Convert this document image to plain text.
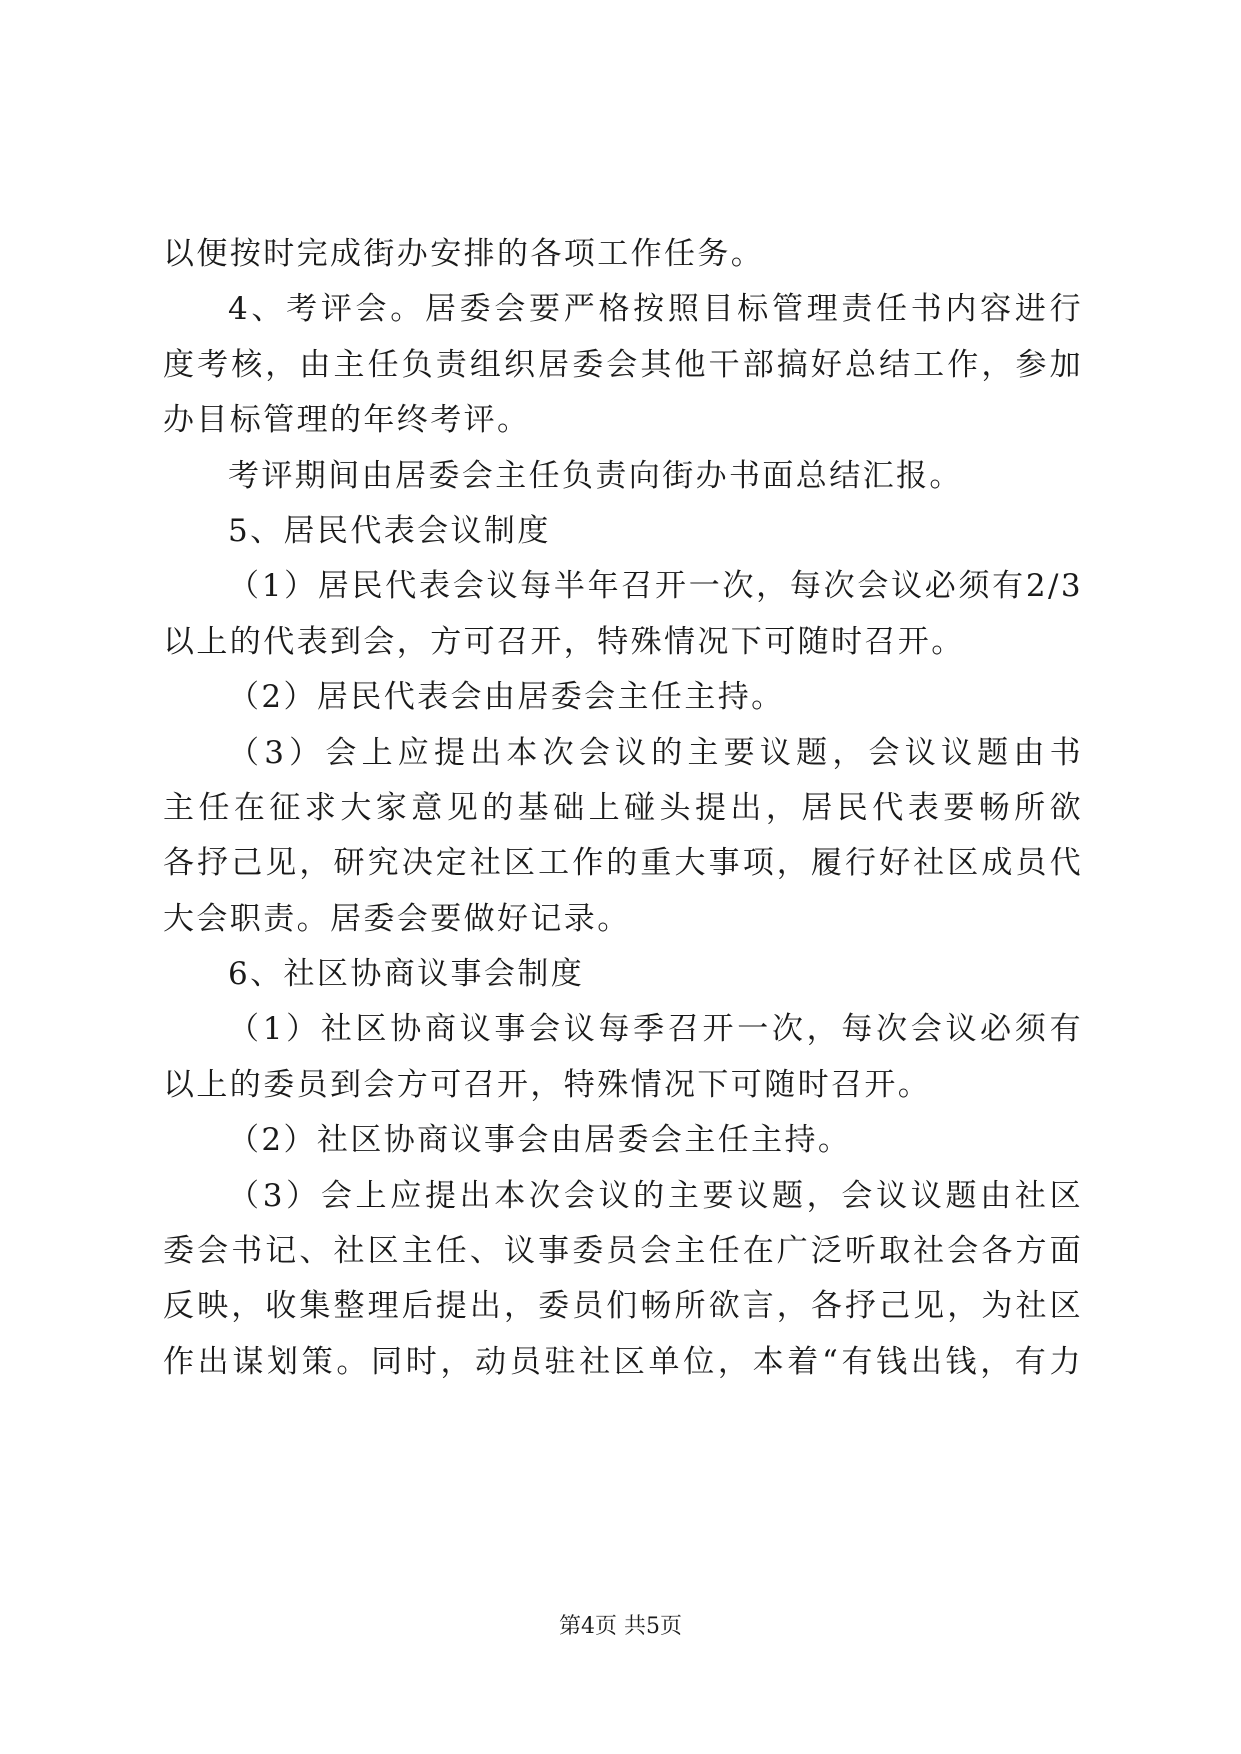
以便按时完成街办安排的各项工作任务。
4、考评会。居委会要严格按照目标管理责任书内容进行
度考核，由主任负责组织居委会其他干部搞好总结工作，参加
办目标管理的年终考评。
考评期间由居委会主任负责向街办书面总结汇报。
5、居民代表会议制度
（1）居民代表会议每半年召开一次，每次会议必须有2/3
以上的代表到会，方可召开，特殊情况下可随时召开。
（2）居民代表会由居委会主任主持。
（3）会上应提出本次会议的主要议题，会议议题由书
主任在征求大家意见的基础上碰头提出，居民代表要畅所欲
各抒己见，研究决定社区工作的重大事项，履行好社区成员代
大会职责。居委会要做好记录。
6、社区协商议事会制度
（1）社区协商议事会议每季召开一次，每次会议必须有
以上的委员到会方可召开，特殊情况下可随时召开。
（2）社区协商议事会由居委会主任主持。
（3）会上应提出本次会议的主要议题，会议议题由社区
委会书记、社区主任、议事委员会主任在广泛听取社会各方面
反映，收集整理后提出，委员们畅所欲言，各抒己见，为社区
作出谋划策。同时，动员驻社区单位，本着“有钱出钱，有力
第4页 共5页
